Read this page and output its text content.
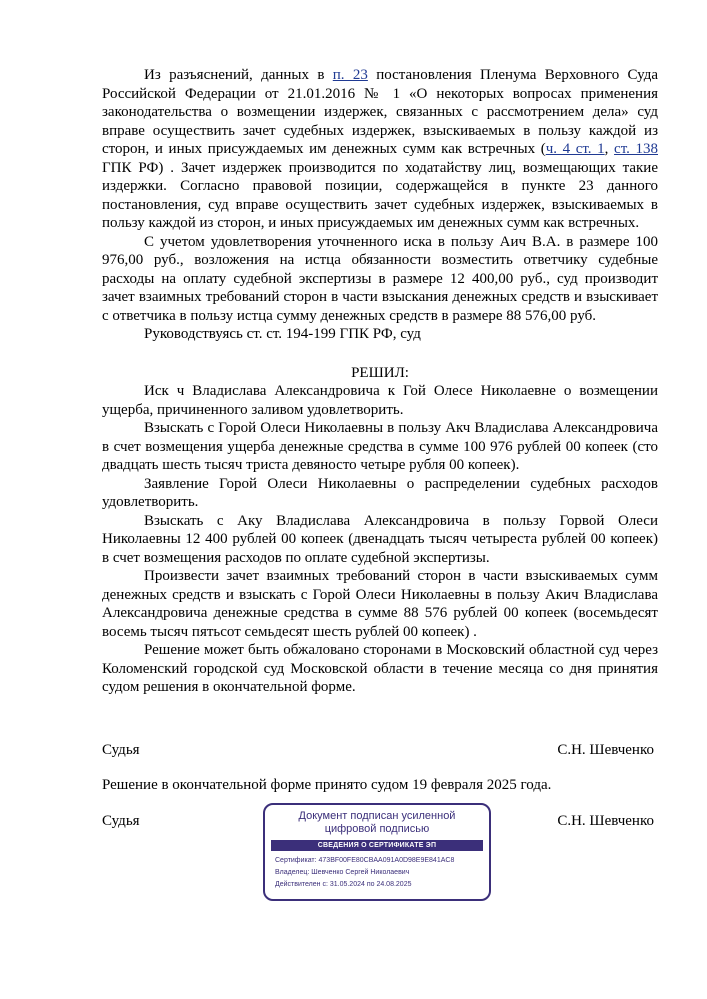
Из разъяснений, данных в п. 23 постановления Пленума Верховного Суда Российской Федерации от 21.01.2016 № 1 «О некоторых вопросах применения законодательства о возмещении издержек, связанных с рассмотрением дела» суд вправе осуществить зачет судебных издержек, взыскиваемых в пользу каждой из сторон, и иных присуждаемых им денежных сумм как встречных (ч. 4 ст. 1, ст. 138 ГПК РФ) . Зачет издержек производится по ходатайству лиц, возмещающих такие издержки. Согласно правовой позиции, содержащейся в пункте 23 данного постановления, суд вправе осуществить зачет судебных издержек, взыскиваемых в пользу каждой из сторон, и иных присуждаемых им денежных сумм как встречных.

С учетом удовлетворения уточненного иска в пользу Аич В.А. в размере 100 976,00 руб., возложения на истца обязанности возместить ответчику судебные расходы на оплату судебной экспертизы в размере 12 400,00 руб., суд производит зачет взаимных требований сторон в части взыскания денежных средств и взыскивает с ответчика в пользу истца сумму денежных средств в размере 88 576,00 руб.

Руководствуясь ст. ст. 194-199 ГПК РФ, суд

РЕШИЛ:

Иск ч Владислава Александровича к Гой Олесе Николаевне о возмещении ущерба, причиненного заливом удовлетворить.

Взыскать с Горой Олеси Николаевны в пользу Акч Владислава Александровича в счет возмещения ущерба денежные средства в сумме 100 976 рублей 00 копеек (сто двадцать шесть тысяч триста девяносто четыре рубля 00 копеек).

Заявление Горой Олеси Николаевны о распределении судебных расходов удовлетворить.

Взыскать с Аку Владислава Александровича в пользу Горвой Олеси Николаевны 12 400 рублей 00 копеек (двенадцать тысяч четыреста рублей 00 копеек) в счет возмещения расходов по оплате судебной экспертизы.

Произвести зачет взаимных требований сторон в части взыскиваемых сумм денежных средств и взыскать с Горой Олеси Николаевны в пользу Акич Владислава Александровича денежные средства в сумме 88 576 рублей 00 копеек (восемьдесят восемь тысяч пятьсот семьдесят шесть рублей 00 копеек) .

Решение может быть обжаловано сторонами в Московский областной суд через Коломенский городской суд Московской области в течение месяца со дня принятия судом решения в окончательной форме.

Судья	С.Н. Шевченко
Решение в окончательной форме принято судом 19 февраля 2025 года.
Судья	С.Н. Шевченко
Документ подписан усиленной цифровой подписью
СВЕДЕНИЯ О СЕРТИФИКАТЕ ЭП
Сертификат: 473BF00FE80CBAA091A0D98E9E841AC8
Владелец: Шевченко Сергей Николаевич
Действителен с: 31.05.2024 по 24.08.2025
